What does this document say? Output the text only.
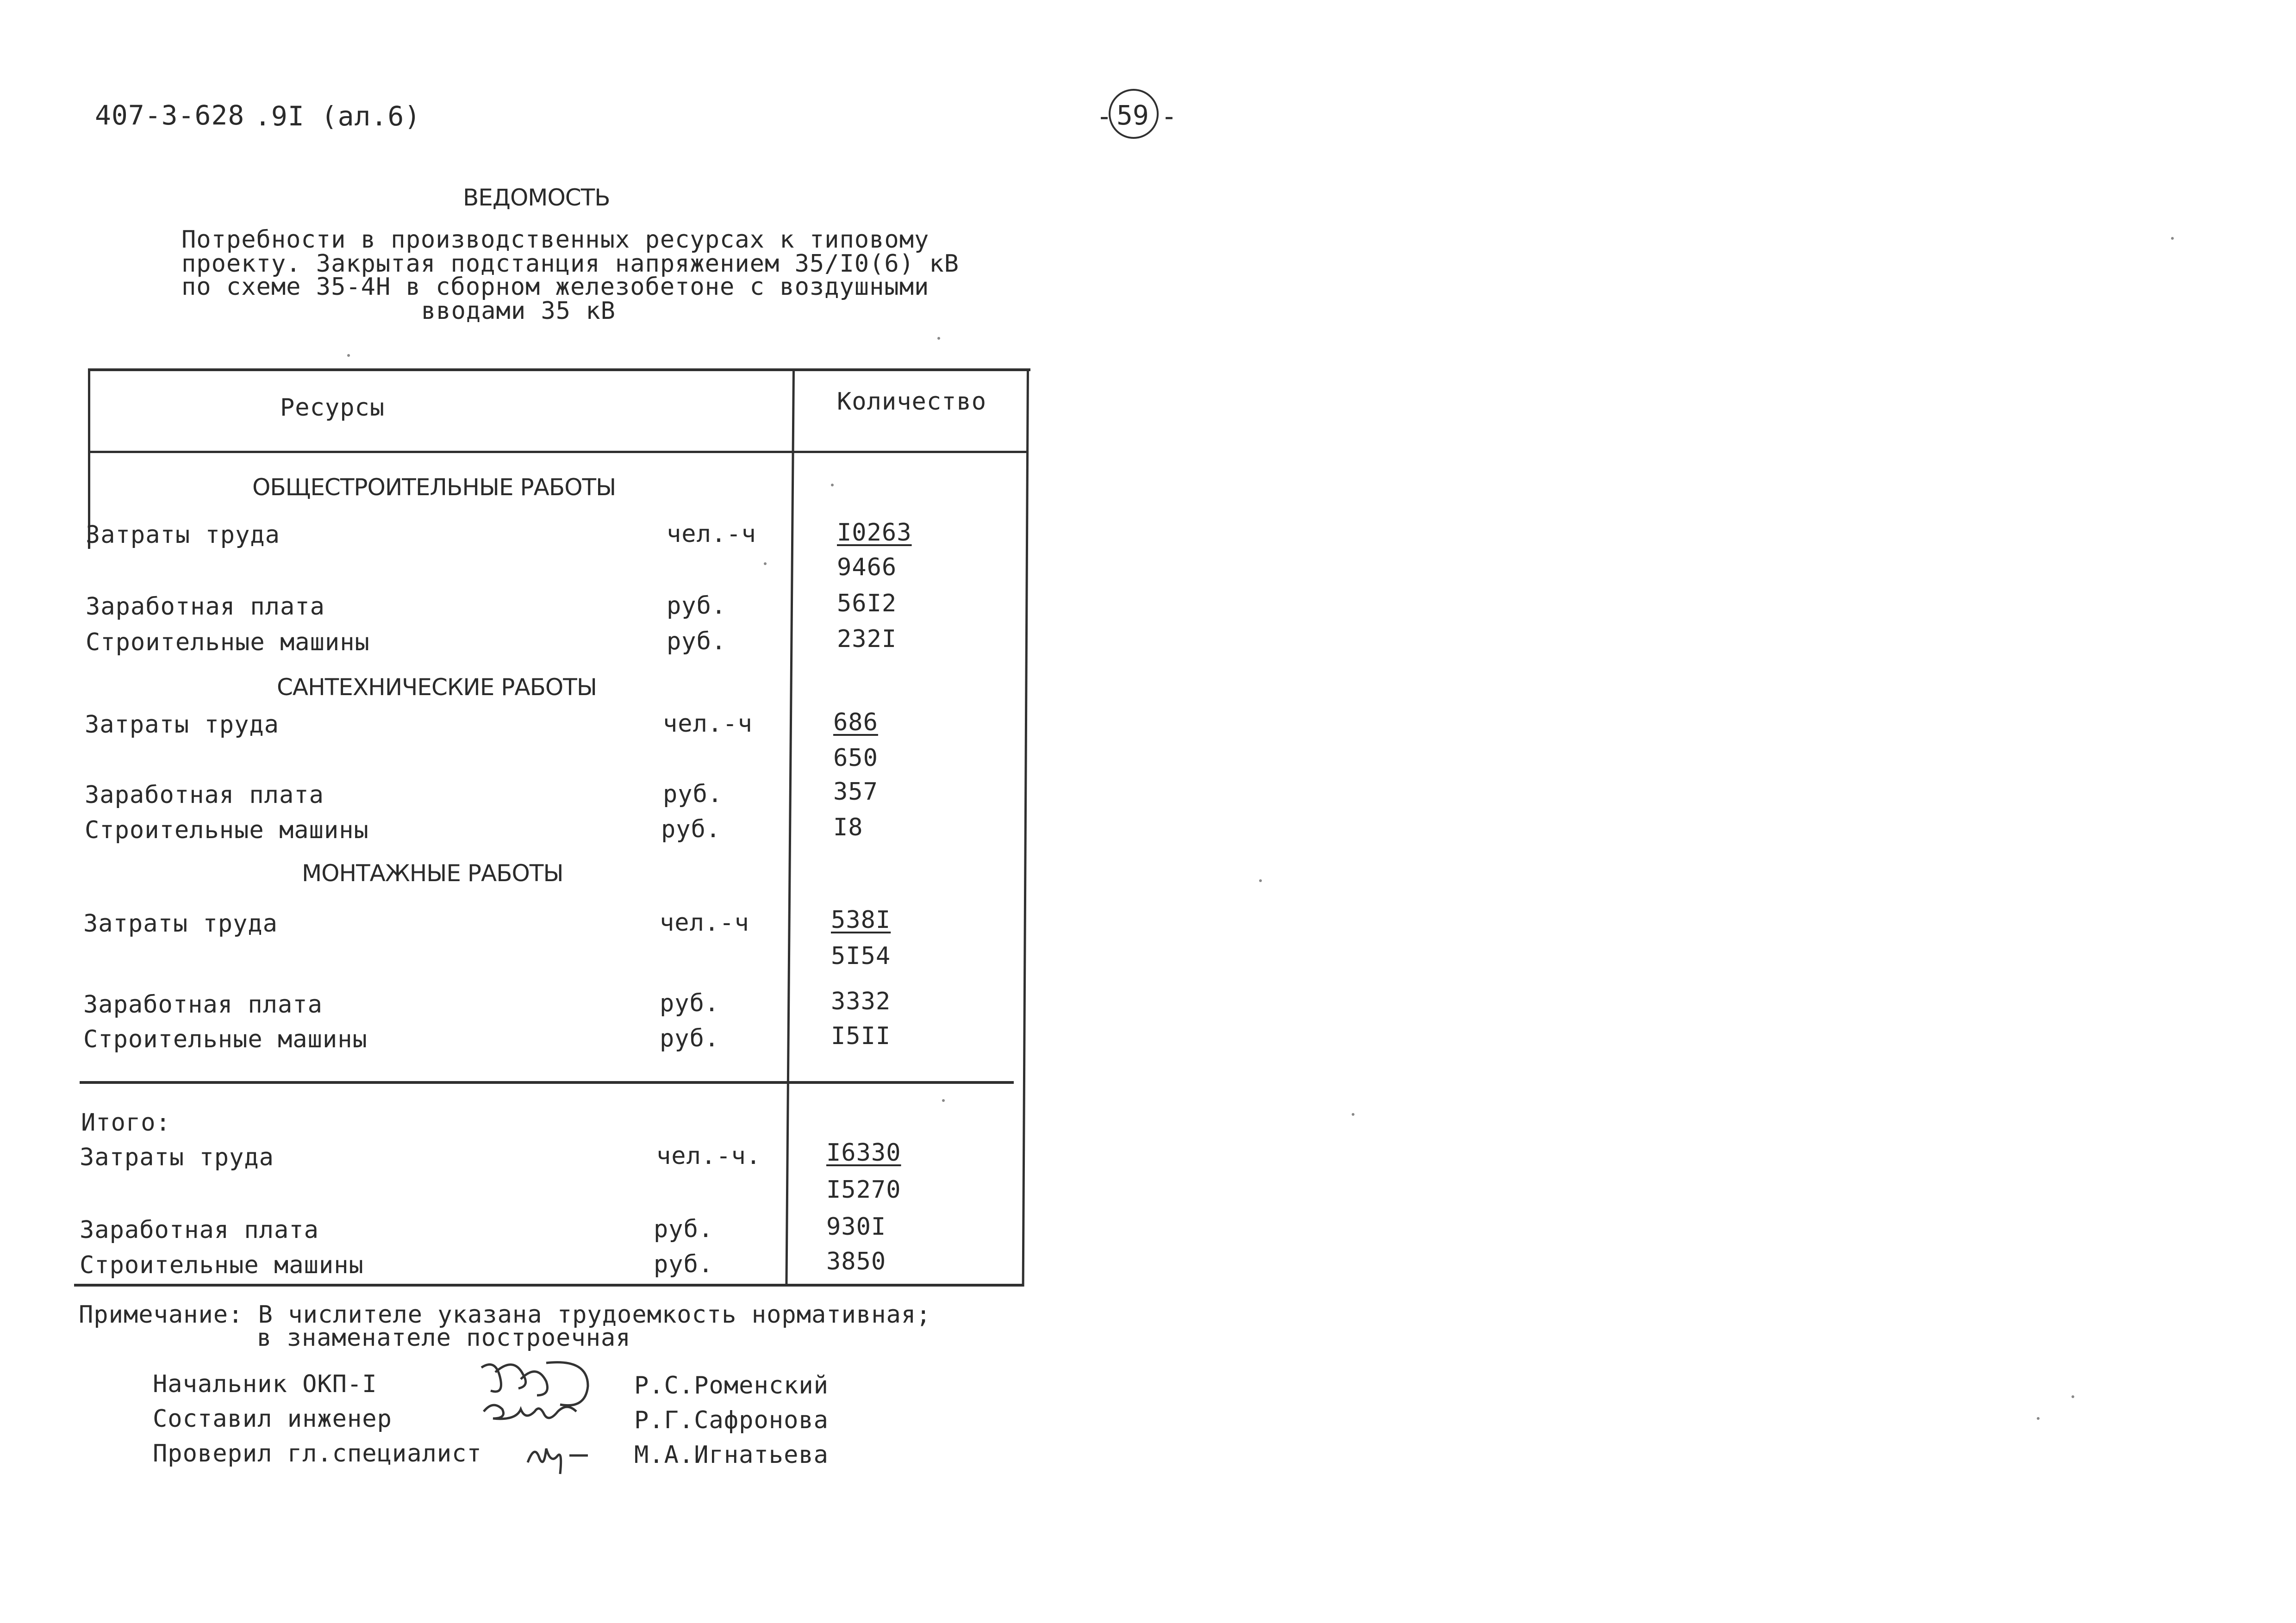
407-3-628 .9I (ал.6)	- 59 -
ВЕДОМОСТЬ
Потребности в производственных ресурсах к типовому
проекту. Закрытая подстанция напряжением 35/I0(6) кВ
по схеме 35-4Н в сборном железобетоне с воздушными
вводами 35 кВ
Ресурсы	Количество
ОБЩЕСТРОИТЕЛЬНЫЕ РАБОТЫ
Затраты труда	чел.-ч	I0263
9466
Заработная плата	руб.	56I2
Строительные машины	руб.	232I
САНТЕХНИЧЕСКИЕ РАБОТЫ
Затраты труда	чел.-ч	686
650
Заработная плата	руб.	357
Строительные машины	руб.	I8
МОНТАЖНЫЕ РАБОТЫ
Затраты труда	чел.-ч	538I
5I54
Заработная плата	руб.	3332
Строительные машины	руб.	I5II
Итого:
Затраты труда	чел.-ч.	I6330
I5270
Заработная плата	руб.	930I
Строительные машины	руб.	3850
Примечание: В числителе указана трудоемкость нормативная;
в знаменателе построечная
Начальник ОКП-I	Р.С.Роменский
Составил инженер	Р.Г.Сафронова
Проверил гл.специалист	М.А.Игнатьева
